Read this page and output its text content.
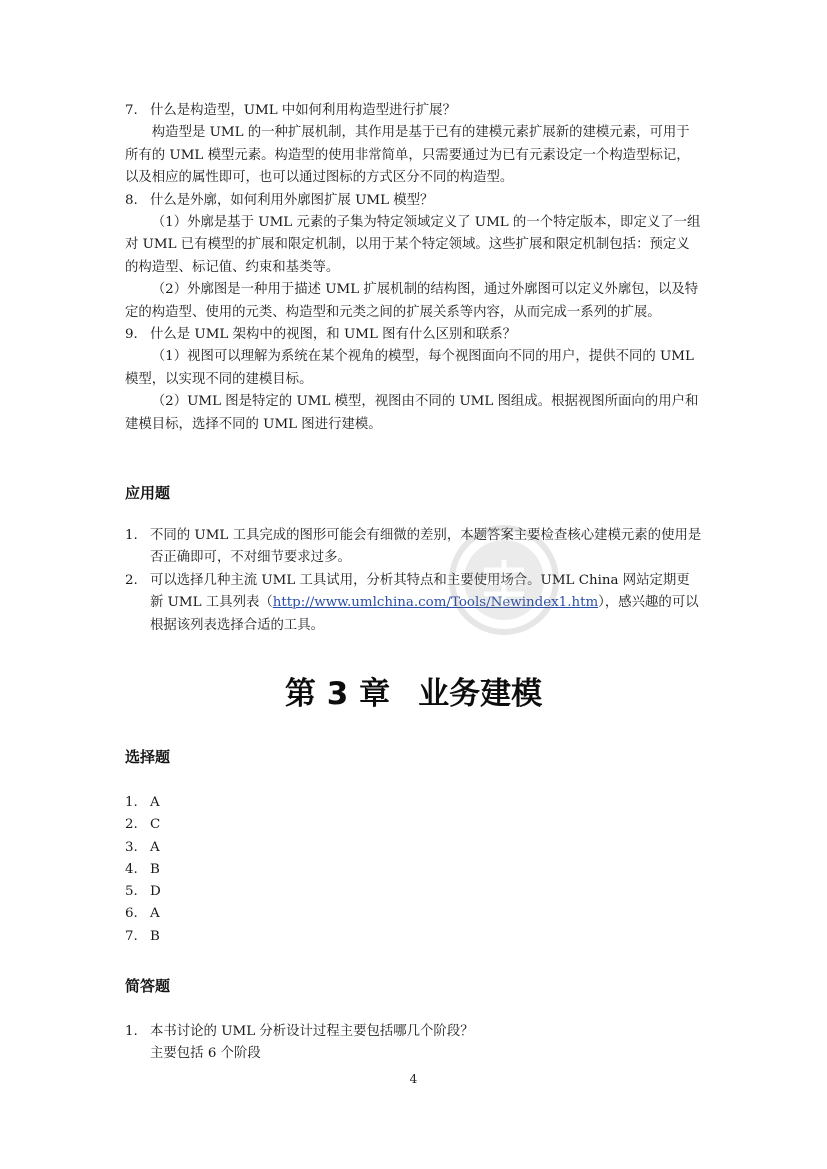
7. 什么是构造型，UML 中如何利用构造型进行扩展？
构造型是 UML 的一种扩展机制，其作用是基于已有的建模元素扩展新的建模元素，可用于所有的 UML 模型元素。构造型的使用非常简单，只需要通过为已有元素设定一个构造型标记，以及相应的属性即可，也可以通过图标的方式区分不同的构造型。
8. 什么是外廓，如何利用外廓图扩展 UML 模型？
（1）外廓是基于 UML 元素的子集为特定领域定义了 UML 的一个特定版本，即定义了一组对 UML 已有模型的扩展和限定机制，以用于某个特定领域。这些扩展和限定机制包括：预定义的构造型、标记值、约束和基类等。
（2）外廓图是一种用于描述 UML 扩展机制的结构图，通过外廓图可以定义外廓包，以及特定的构造型、使用的元类、构造型和元类之间的扩展关系等内容，从而完成一系列的扩展。
9. 什么是 UML 架构中的视图，和 UML 图有什么区别和联系？
（1）视图可以理解为系统在某个视角的模型，每个视图面向不同的用户，提供不同的 UML 模型，以实现不同的建模目标。
（2）UML 图是特定的 UML 模型，视图由不同的 UML 图组成。根据视图所面向的用户和建模目标，选择不同的 UML 图进行建模。
应用题
1. 不同的 UML 工具完成的图形可能会有细微的差别，本题答案主要检查核心建模元素的使用是否正确即可，不对细节要求过多。
2. 可以选择几种主流 UML 工具试用，分析其特点和主要使用场合。UML China 网站定期更新 UML 工具列表（http://www.umlchina.com/Tools/Newindex1.htm），感兴趣的可以根据该列表选择合适的工具。
第 3 章 业务建模
选择题
1. A
2. C
3. A
4. B
5. D
6. A
7. B
简答题
1. 本书讨论的 UML 分析设计过程主要包括哪几个阶段？
主要包括 6 个阶段
4
